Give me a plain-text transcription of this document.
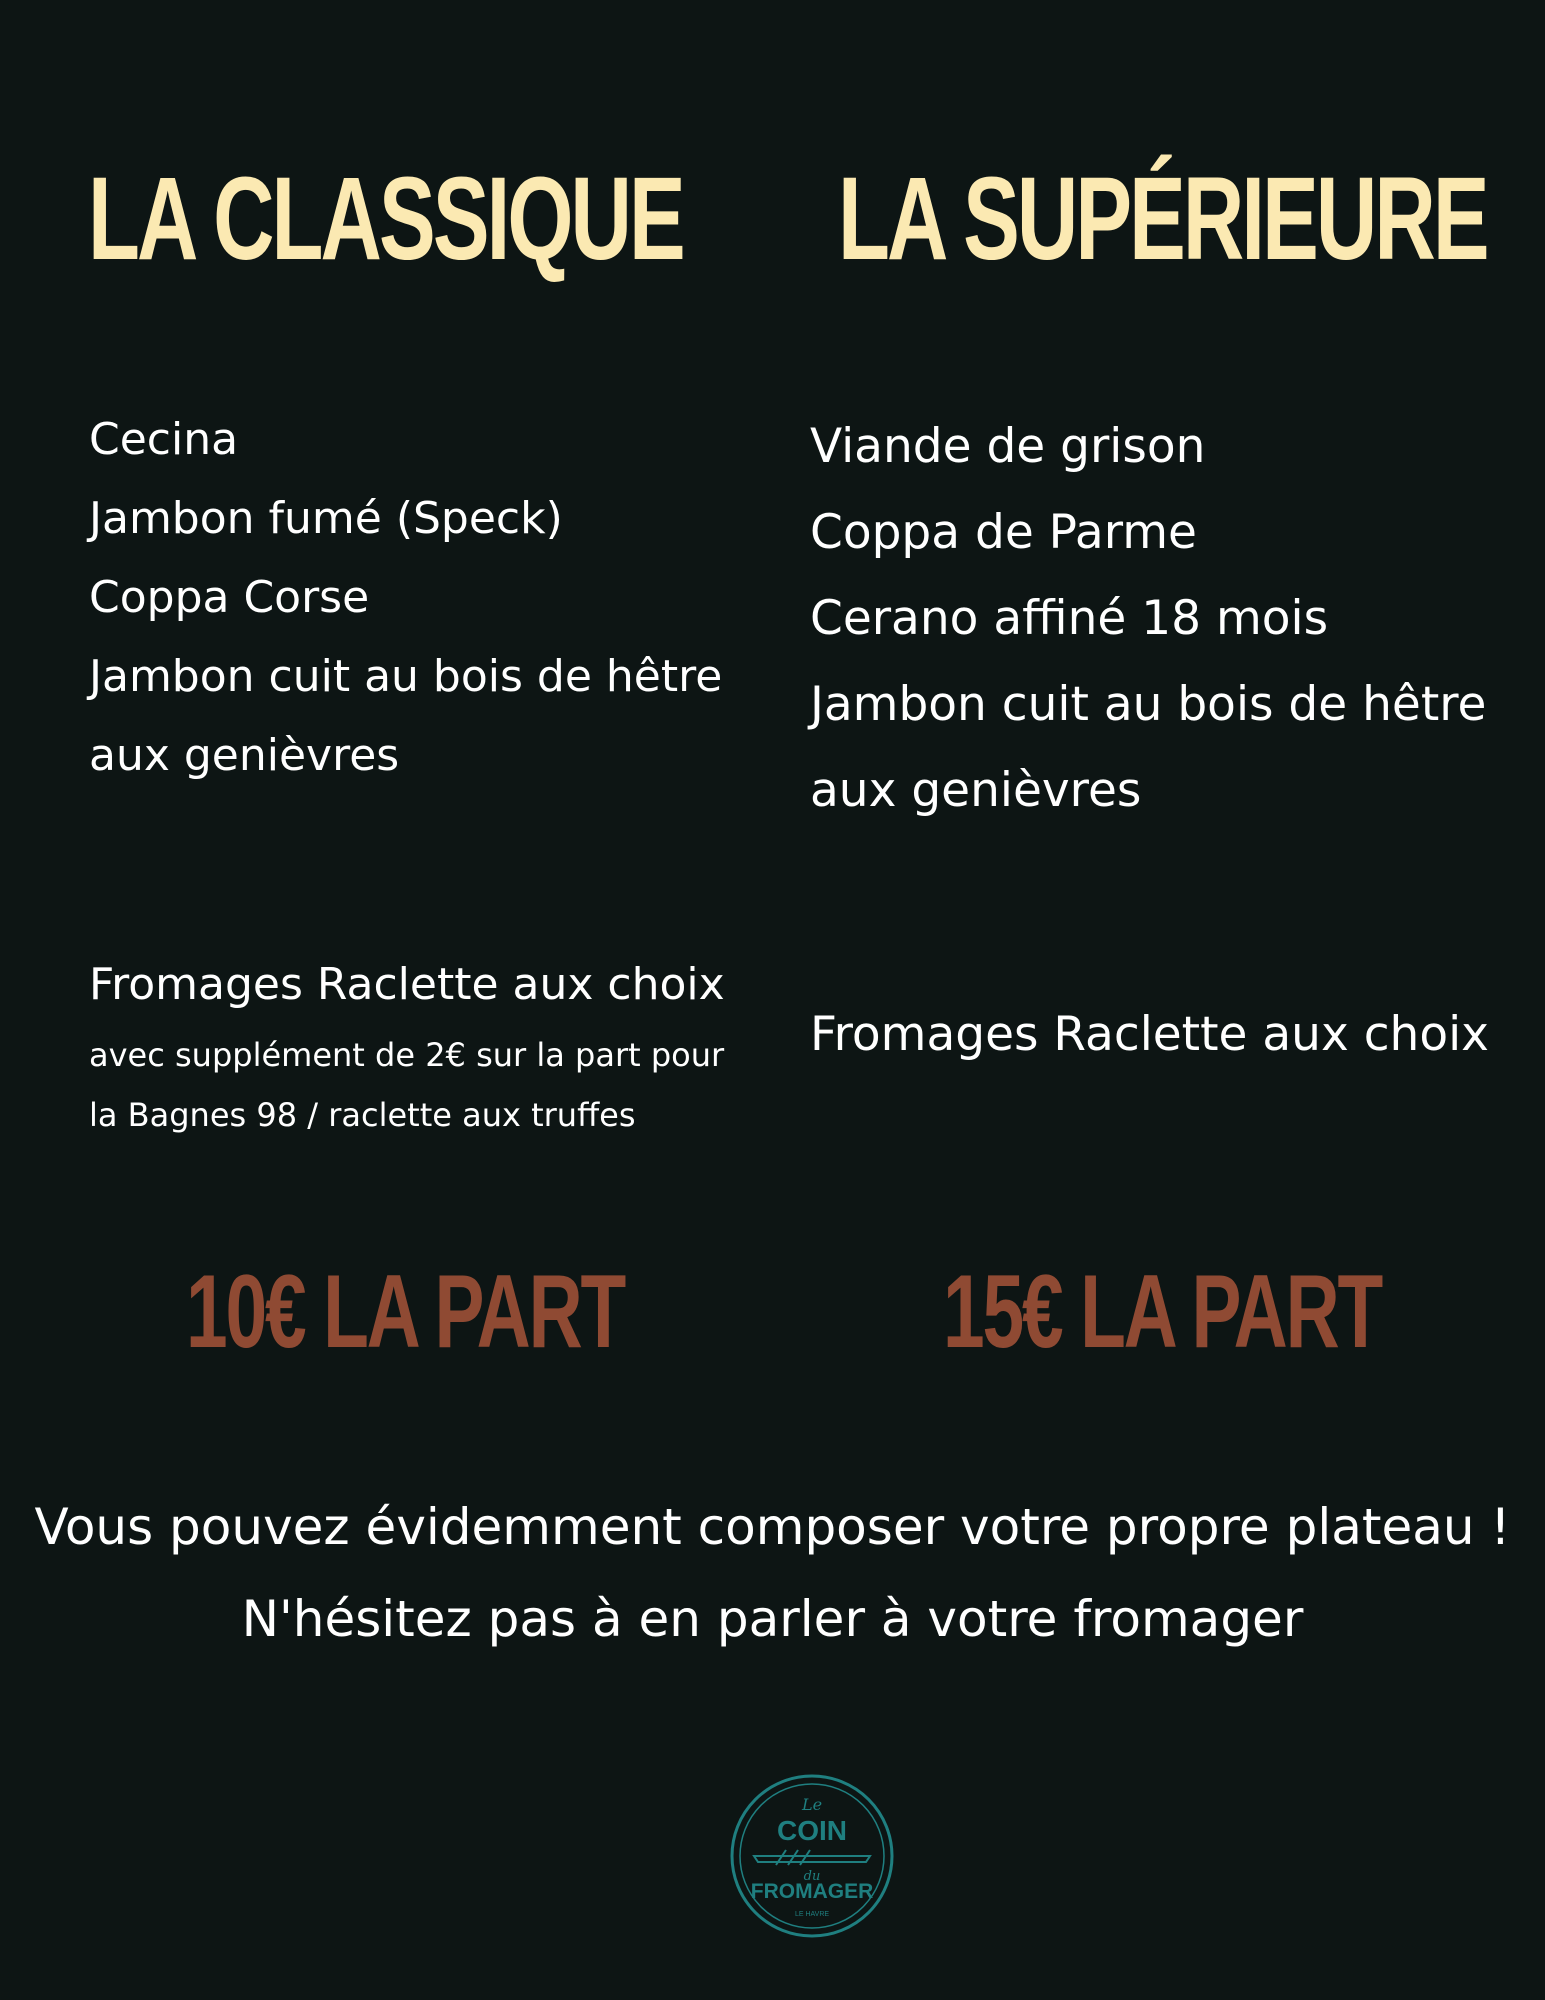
LA CLASSIQUE LA SUPÉRIEURE
Cecina
Jambon fumé (Speck)
Coppa Corse
Jambon cuit au bois de hêtre
aux genièvres
Viande de grison
Coppa de Parme
Cerano affiné 18 mois
Jambon cuit au bois de hêtre
aux genièvres

Fromages Raclette aux choix

avec supplément de 2€ sur la part pour
la Bagnes 98 / raclette aux truffes

Fromages Raclette aux choix

10€ LA PART	15€ LA PART

Vous pouvez évidemment composer votre propre plateau !

N'hésitez pas à en parler à votre fromager

Le
COIN
du
FROMAGER
LE HAVRE
